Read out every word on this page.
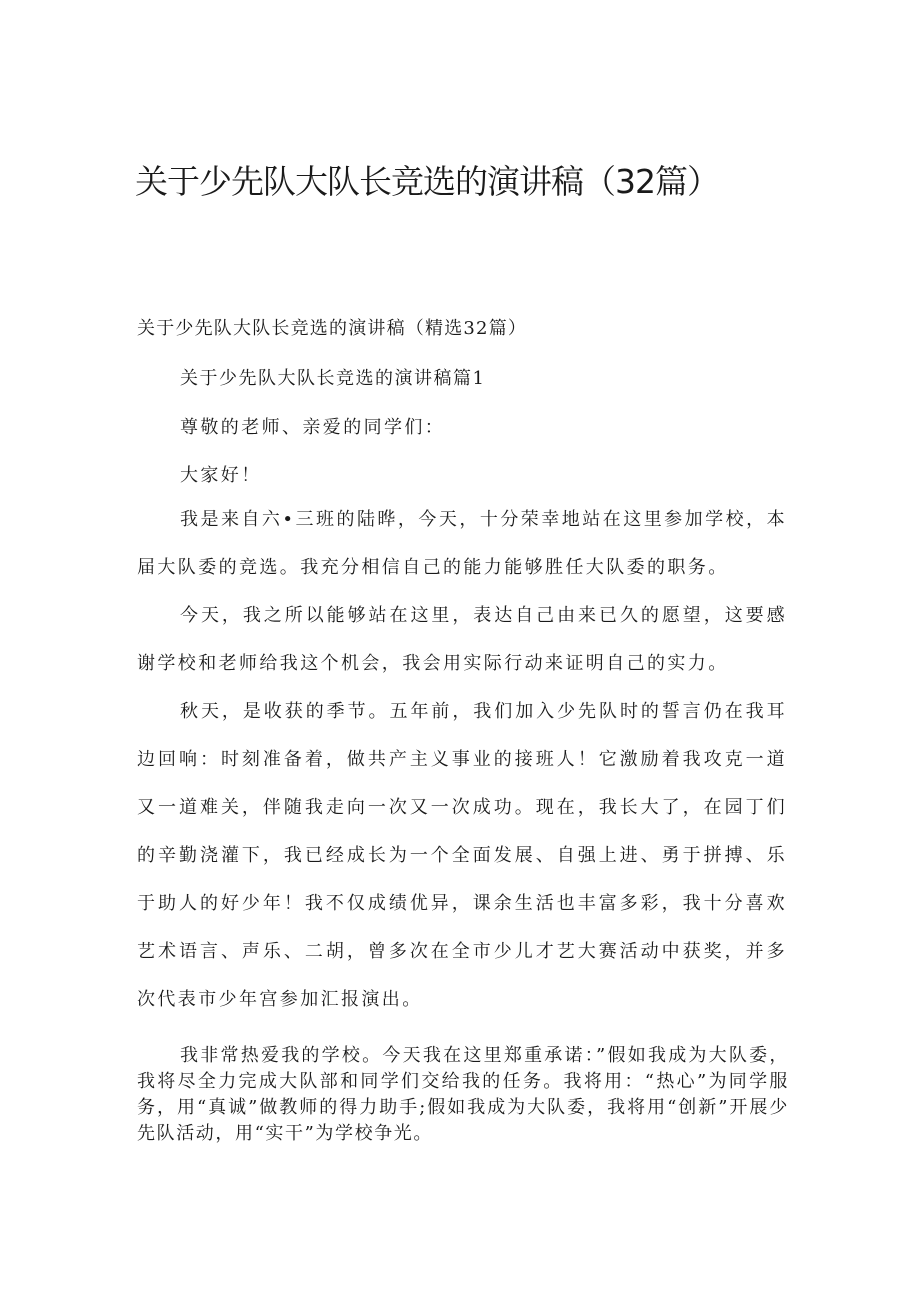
关于少先队大队长竞选的演讲稿（32篇）
关于少先队大队长竞选的演讲稿（精选32篇）
关于少先队大队长竞选的演讲稿篇1
尊敬的老师、亲爱的同学们：
大家好！

我是来自六•三班的陆晔，今天，十分荣幸地站在这里参加学校，本届大队委的竞选。我充分相信自己的能力能够胜任大队委的职务。

今天，我之所以能够站在这里，表达自己由来已久的愿望，这要感谢学校和老师给我这个机会，我会用实际行动来证明自己的实力。

秋天，是收获的季节。五年前，我们加入少先队时的誓言仍在我耳边回响：时刻准备着，做共产主义事业的接班人！它激励着我攻克一道又一道难关，伴随我走向一次又一次成功。现在，我长大了，在园丁们的辛勤浇灌下，我已经成长为一个全面发展、自强上进、勇于拼搏、乐于助人的好少年！我不仅成绩优异，课余生活也丰富多彩，我十分喜欢艺术语言、声乐、二胡，曾多次在全市少儿才艺大赛活动中获奖，并多次代表市少年宫参加汇报演出。

我非常热爱我的学校。今天我在这里郑重承诺：”假如我成为大队委，我将尽全力完成大队部和同学们交给我的任务。我将用：“热心”为同学服务，用“真诚”做教师的得力助手;假如我成为大队委，我将用“创新”开展少先队活动，用“实干”为学校争光。
